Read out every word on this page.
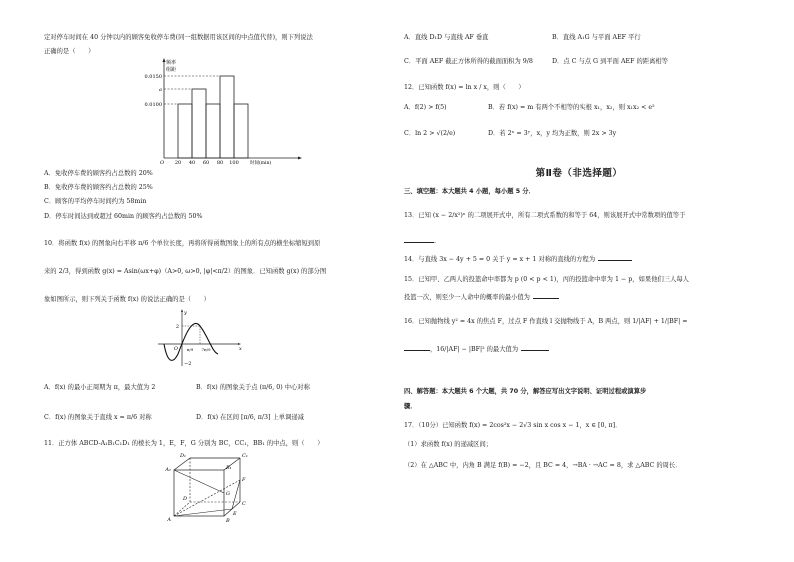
定对停车时间在 40 分钟以内的顾客免收停车费(同一组数据用该区间的中点值代替)，则下列说法
正确的是（　　）
频率
组距
0.0150
a
0.0100
O 20 40 60 80 100 时间(min)
A．免收停车费的顾客约占总数的 20%
B．免收停车费的顾客约占总数的 25%
C．顾客的平均停车时间约为 58min
D．停车时间达到或超过 60min 的顾客约占总数的 50%
10．将函数 f(x) 的图象向右平移 π/6 个单位长度，再将所得函数图象上的所有点的横坐标缩短到原
来的 2/3，得到函数 g(x) = Asin(ωx+φ)（A>0, ω>0, |φ|<π/2）的图象．已知函数 g(x) 的部分图
象如图所示，则下列关于函数 f(x) 的说法正确的是（　　）
y
x
O
2
−2
π/9 7π/9
A．f(x) 的最小正周期为 π，最大值为 2	B．f(x) 的图象关于点 (π/6, 0) 中心对称
C．f(x) 的图象关于直线 x = π/6 对称	D．f(x) 在区间 [π/6, π/3] 上单调递减
11．正方体 ABCD-A₁B₁C₁D₁ 的棱长为 1，E，F，G 分别为 BC，CC₁，BB₁ 的中点，则（　　）
D₁	C₁
A₁	B₁
D
C
A	B
E
F
G
A．直线 D₁D 与直线 AF 垂直	B．直线 A₁G 与平面 AEF 平行
C．平面 AEF 截正方体所得的截面面积为 9/8	D．点 C 与点 G 到平面 AEF 的距离相等
12．已知函数 f(x) = ln x / x，则（　　）
A．f(2) > f(5)	B．若 f(x) = m 有两个不相等的实根 x₁，x₂，则 x₁x₂ < e²
C．ln 2 > √(2/e)	D．若 2ˣ = 3ʸ，x，y 均为正数，则 2x > 3y
第Ⅱ卷（非选择题）
三、填空题：本大题共 4 小题，每小题 5 分．
13．已知 (x − 2/x²)ⁿ 的二项展开式中，所有二项式系数的和等于 64，则该展开式中常数项的值等于
.
14．与直线 3x − 4y + 5 = 0 关于 y = x + 1 对称的直线的方程为
15．已知甲、乙两人的投篮命中率都为 p (0 < p < 1)，丙的投篮命中率为 1 − p，如果他们三人每人
投篮一次，则至少一人命中的概率的最小值为
16．已知抛物线 y² = 4x 的焦点 F，过点 F 作直线 l 交抛物线于 A，B 两点，则 1/|AF| + 1/|BF| =
，16/|AF| − |BF|² 的最大值为
四、解答题：本大题共 6 个大题，共 70 分，解答应写出文字说明、证明过程或演算步
骤．
17．（10分）已知函数 f(x) = 2cos²x − 2√3 sin x cos x − 1，x ∈ [0, π]．
（1）求函数 f(x) 的递减区间；
（2）在 △ABC 中，内角 B 满足 f(B) = −2，且 BC = 4，→BA · →AC = 8，求 △ABC 的周长．
